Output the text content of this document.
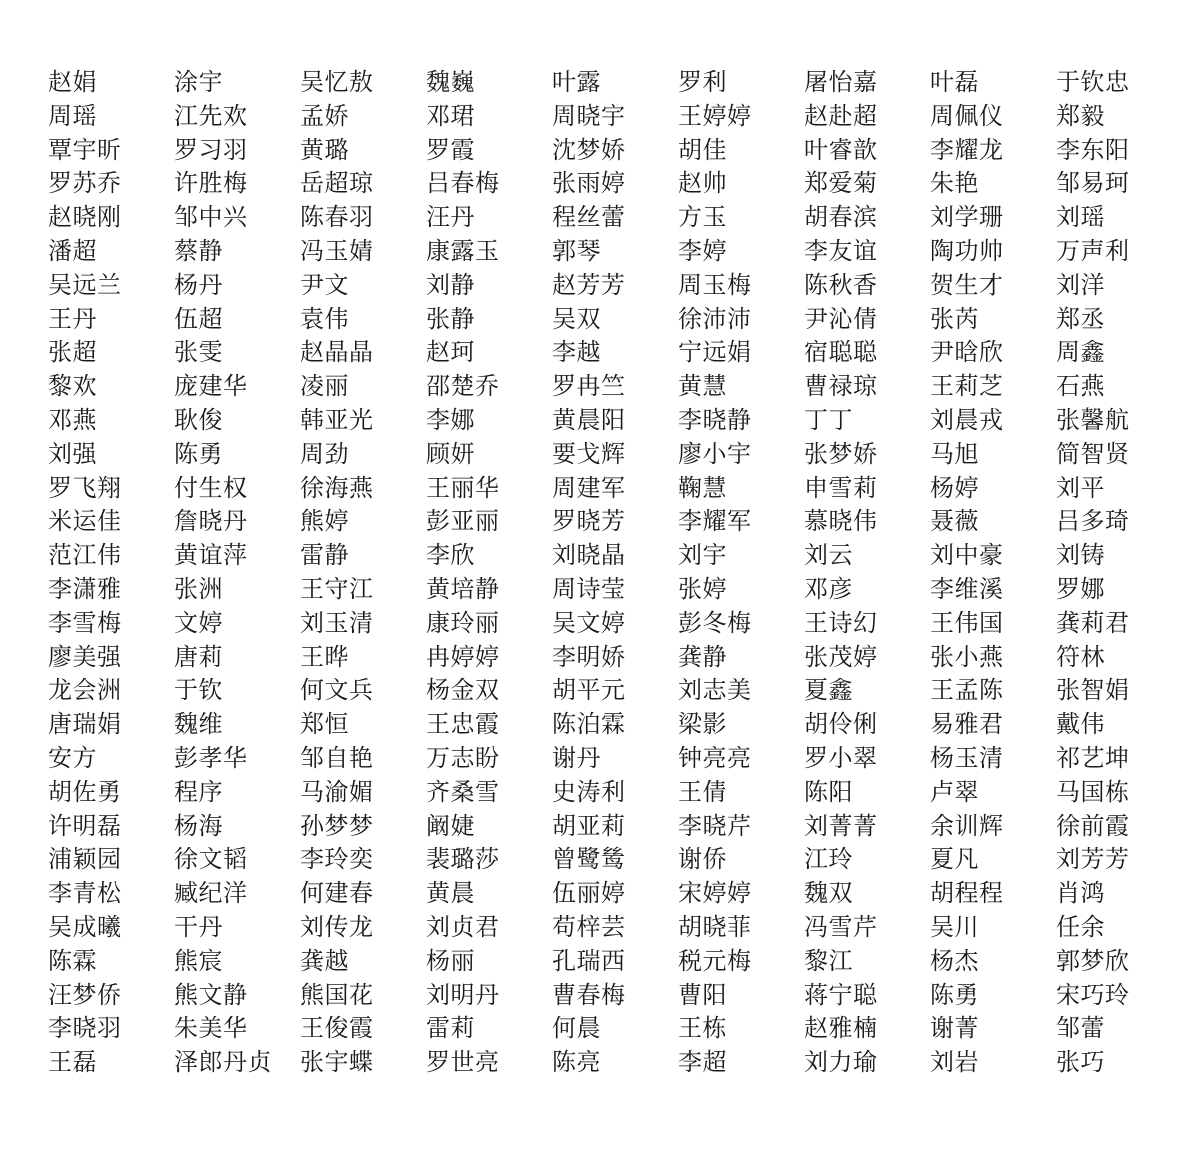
赵娟	涂宇	吴忆敖	魏巍	叶露	罗利	屠怡嘉	叶磊	于钦忠
周瑶	江先欢	孟娇	邓珺	周晓宇	王婷婷	赵赴超	周佩仪	郑毅
覃宇昕	罗习羽	黄璐	罗霞	沈梦娇	胡佳	叶睿歆	李耀龙	李东阳
罗苏乔	许胜梅	岳超琼	吕春梅	张雨婷	赵帅	郑爱菊	朱艳	邹易珂
赵晓刚	邹中兴	陈春羽	汪丹	程丝蕾	方玉	胡春滨	刘学珊	刘瑶
潘超	蔡静	冯玉婧	康露玉	郭琴	李婷	李友谊	陶功帅	万声利
吴远兰	杨丹	尹文	刘静	赵芳芳	周玉梅	陈秋香	贺生才	刘洋
王丹	伍超	袁伟	张静	吴双	徐沛沛	尹沁倩	张芮	郑丞
张超	张雯	赵晶晶	赵珂	李越	宁远娟	宿聪聪	尹晗欣	周鑫
黎欢	庞建华	凌丽	邵楚乔	罗冉竺	黄慧	曹禄琼	王莉芝	石燕
邓燕	耿俊	韩亚光	李娜	黄晨阳	李晓静	丁丁	刘晨戎	张馨航
刘强	陈勇	周劲	顾妍	要戈辉	廖小宇	张梦娇	马旭	简智贤
罗飞翔	付生权	徐海燕	王丽华	周建军	鞠慧	申雪莉	杨婷	刘平
米运佳	詹晓丹	熊婷	彭亚丽	罗晓芳	李耀军	慕晓伟	聂薇	吕多琦
范江伟	黄谊萍	雷静	李欣	刘晓晶	刘宇	刘云	刘中豪	刘铸
李潇雅	张洲	王守江	黄培静	周诗莹	张婷	邓彦	李维溪	罗娜
李雪梅	文婷	刘玉清	康玲丽	吴文婷	彭冬梅	王诗幻	王伟国	龚莉君
廖美强	唐莉	王晔	冉婷婷	李明娇	龚静	张茂婷	张小燕	符林
龙会洲	于钦	何文兵	杨金双	胡平元	刘志美	夏鑫	王孟陈	张智娟
唐瑞娟	魏维	郑恒	王忠霞	陈泊霖	梁影	胡伶俐	易雅君	戴伟
安方	彭孝华	邹自艳	万志盼	谢丹	钟亮亮	罗小翠	杨玉清	祁艺坤
胡佐勇	程序	马渝媚	齐桑雪	史涛利	王倩	陈阳	卢翠	马国栋
许明磊	杨海	孙梦梦	阚婕	胡亚莉	李晓芹	刘菁菁	余训辉	徐前霞
浦颖园	徐文韬	李玲奕	裴璐莎	曾鹭鸶	谢侨	江玲	夏凡	刘芳芳
李青松	臧纪洋	何建春	黄晨	伍丽婷	宋婷婷	魏双	胡程程	肖鸿
吴成曦	干丹	刘传龙	刘贞君	苟梓芸	胡晓菲	冯雪芹	吴川	任余
陈霖	熊宸	龚越	杨丽	孔瑞西	税元梅	黎江	杨杰	郭梦欣
汪梦侨	熊文静	熊国花	刘明丹	曹春梅	曹阳	蒋宁聪	陈勇	宋巧玲
李晓羽	朱美华	王俊霞	雷莉	何晨	王栋	赵雅楠	谢菁	邹蕾
王磊	泽郎丹贞	张宇蝶	罗世亮	陈亮	李超	刘力瑜	刘岩	张巧
